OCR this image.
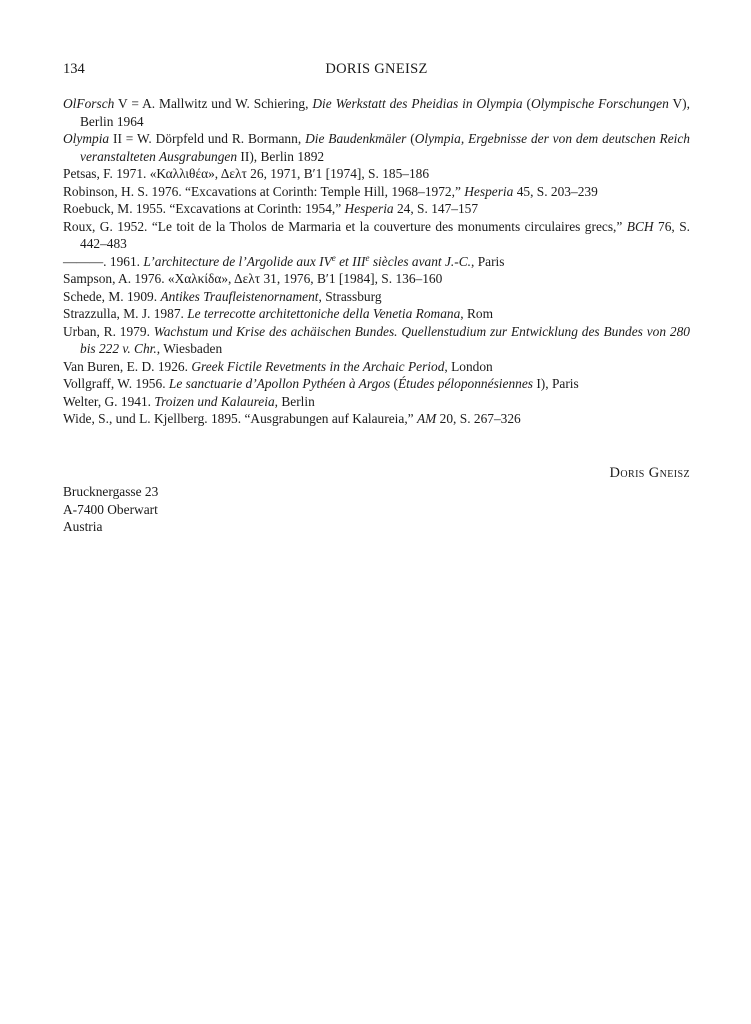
134	DORIS GNEISZ

OlForsch V = A. Mallwitz und W. Schiering, Die Werkstatt des Pheidias in Olympia (Olympische Forschungen V), Berlin 1964

Olympia II = W. Dörpfeld und R. Bormann, Die Baudenkmäler (Olympia, Ergebnisse der von dem deutschen Reich veranstalteten Ausgrabungen II), Berlin 1892

Petsas, F. 1971. «Καλλιθέα», Δελτ 26, 1971, B′1 [1974], S. 185–186

Robinson, H. S. 1976. “Excavations at Corinth: Temple Hill, 1968–1972,” Hesperia 45, S. 203–239

Roebuck, M. 1955. “Excavations at Corinth: 1954,” Hesperia 24, S. 147–157

Roux, G. 1952. “Le toit de la Tholos de Marmaria et la couverture des monuments circulaires grecs,” BCH 76, S. 442–483

———. 1961. L’architecture de l’Argolide aux IVe et IIIe siècles avant J.-C., Paris

Sampson, A. 1976. «Χαλκίδα», Δελτ 31, 1976, B′1 [1984], S. 136–160

Schede, M. 1909. Antikes Traufleistenornament, Strassburg

Strazzulla, M. J. 1987. Le terrecotte architettoniche della Venetia Romana, Rom

Urban, R. 1979. Wachstum und Krise des achäischen Bundes. Quellenstudium zur Entwicklung des Bundes von 280 bis 222 v. Chr., Wiesbaden

Van Buren, E. D. 1926. Greek Fictile Revetments in the Archaic Period, London

Vollgraff, W. 1956. Le sanctuarie d’Apollon Pythéen à Argos (Études péloponnésiennes I), Paris

Welter, G. 1941. Troizen und Kalaureia, Berlin

Wide, S., und L. Kjellberg. 1895. “Ausgrabungen auf Kalaureia,” AM 20, S. 267–326

Doris Gneisz
Brucknergasse 23
A-7400 Oberwart
Austria
